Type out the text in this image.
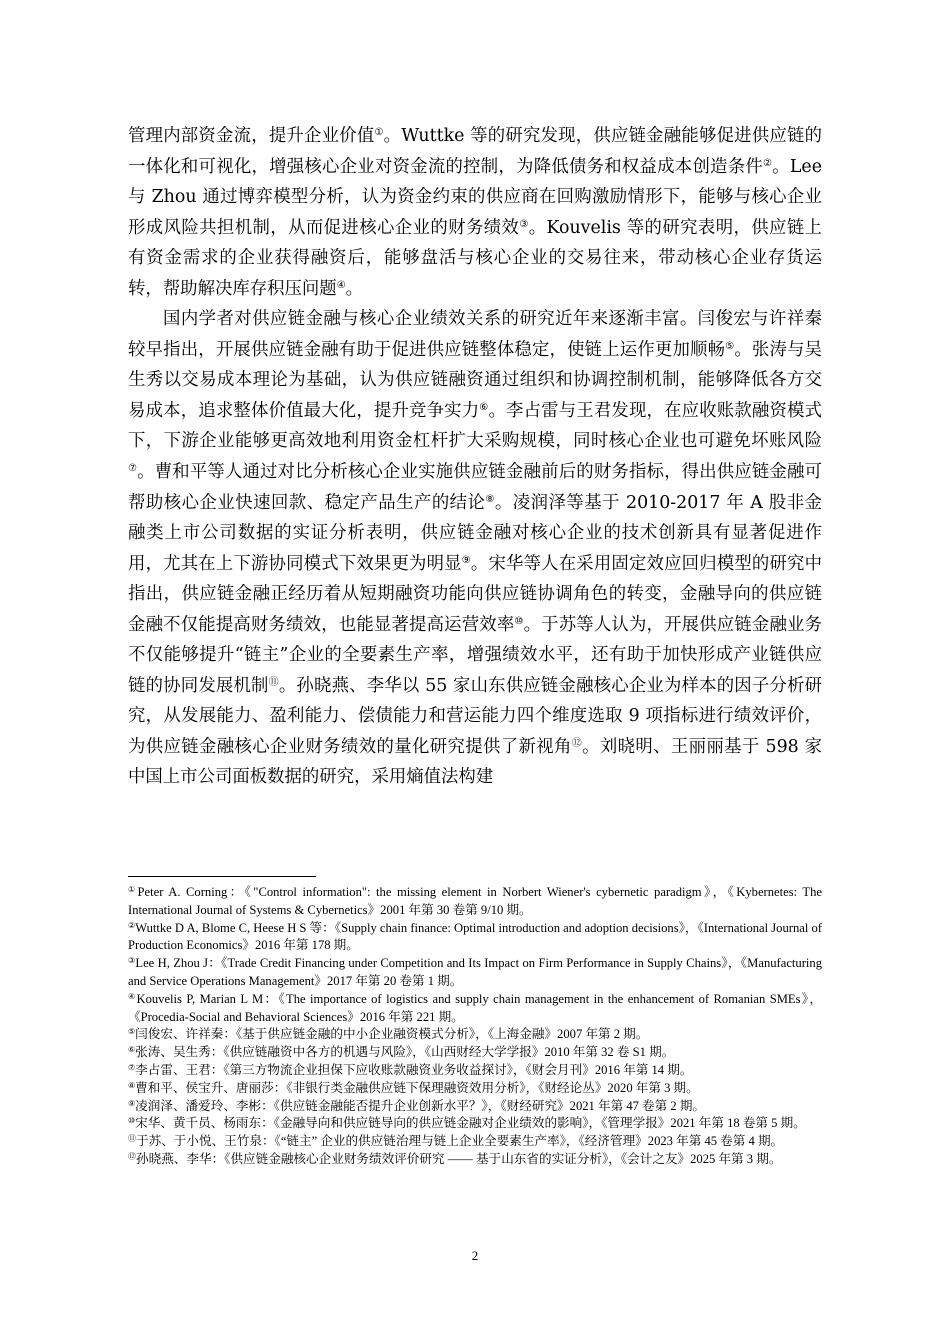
管理内部资金流，提升企业价值①。Wuttke 等的研究发现，供应链金融能够促进供应链的一体化和可视化，增强核心企业对资金流的控制，为降低债务和权益成本创造条件②。Lee 与 Zhou 通过博弈模型分析，认为资金约束的供应商在回购激励情形下，能够与核心企业形成风险共担机制，从而促进核心企业的财务绩效③。Kouvelis 等的研究表明，供应链上有资金需求的企业获得融资后，能够盘活与核心企业的交易往来，带动核心企业存货运转，帮助解决库存积压问题④。

国内学者对供应链金融与核心企业绩效关系的研究近年来逐渐丰富。闫俊宏与许祥秦较早指出，开展供应链金融有助于促进供应链整体稳定，使链上运作更加顺畅⑤。张涛与吴生秀以交易成本理论为基础，认为供应链融资通过组织和协调控制机制，能够降低各方交易成本，追求整体价值最大化，提升竞争实力⑥。李占雷与王君发现，在应收账款融资模式下，下游企业能够更高效地利用资金杠杆扩大采购规模，同时核心企业也可避免坏账风险⑦。曹和平等人通过对比分析核心企业实施供应链金融前后的财务指标，得出供应链金融可帮助核心企业快速回款、稳定产品生产的结论⑧。凌润泽等基于 2010-2017 年 A 股非金融类上市公司数据的实证分析表明，供应链金融对核心企业的技术创新具有显著促进作用，尤其在上下游协同模式下效果更为明显⑨。宋华等人在采用固定效应回归模型的研究中指出，供应链金融正经历着从短期融资功能向供应链协调角色的转变，金融导向的供应链金融不仅能提高财务绩效，也能显著提高运营效率⑩。于苏等人认为，开展供应链金融业务不仅能够提升“链主”企业的全要素生产率，增强绩效水平，还有助于加快形成产业链供应链的协同发展机制⑪。孙晓燕、李华以 55 家山东供应链金融核心企业为样本的因子分析研究，从发展能力、盈利能力、偿债能力和营运能力四个维度选取 9 项指标进行绩效评价，为供应链金融核心企业财务绩效的量化研究提供了新视角⑫。刘晓明、王丽丽基于 598 家中国上市公司面板数据的研究，采用熵值法构建

①Peter A. Corning：《"Control information": the missing element in Norbert Wiener's cybernetic paradigm》，《Kybernetes: The International Journal of Systems & Cybernetics》2001 年第 30 卷第 9/10 期。
②Wuttke D A, Blome C, Heese H S 等：《Supply chain finance: Optimal introduction and adoption decisions》，《International Journal of Production Economics》2016 年第 178 期。
③Lee H, Zhou J：《Trade Credit Financing under Competition and Its Impact on Firm Performance in Supply Chains》，《Manufacturing and Service Operations Management》2017 年第 20 卷第 1 期。
④Kouvelis P, Marian L M：《The importance of logistics and supply chain management in the enhancement of Romanian SMEs》，《Procedia-Social and Behavioral Sciences》2016 年第 221 期。
⑤闫俊宏、许祥秦：《基于供应链金融的中小企业融资模式分析》，《上海金融》2007 年第 2 期。
⑥张涛、吴生秀：《供应链融资中各方的机遇与风险》，《山西财经大学学报》2010 年第 32 卷 S1 期。
⑦李占雷、王君：《第三方物流企业担保下应收账款融资业务收益探讨》，《财会月刊》2016 年第 14 期。
⑧曹和平、侯宝升、唐丽莎：《非银行类金融供应链下保理融资效用分析》，《财经论丛》2020 年第 3 期。
⑨凌润泽、潘爱玲、李彬：《供应链金融能否提升企业创新水平？》，《财经研究》2021 年第 47 卷第 2 期。
⑩宋华、黄千员、杨雨东：《金融导向和供应链导向的供应链金融对企业绩效的影响》，《管理学报》2021 年第 18 卷第 5 期。
⑪于苏、于小悦、王竹泉：《“链主” 企业的供应链治理与链上企业全要素生产率》，《经济管理》2023 年第 45 卷第 4 期。
⑫孙晓燕、李华：《供应链金融核心企业财务绩效评价研究 —— 基于山东省的实证分析》，《会计之友》2025 年第 3 期。
2
